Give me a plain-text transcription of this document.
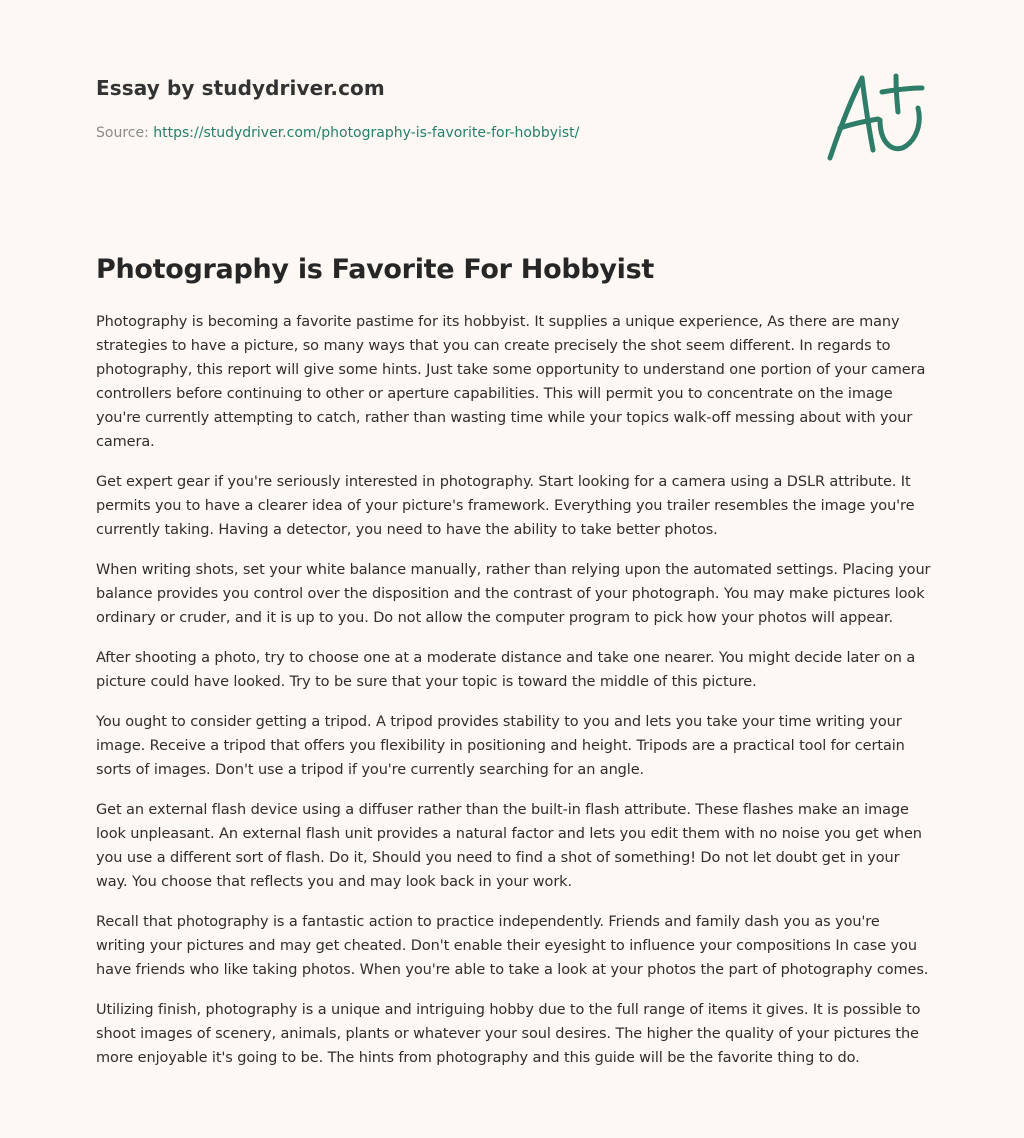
Essay by studydriver.com
Source: https://studydriver.com/photography-is-favorite-for-hobbyist/
Photography is Favorite For Hobbyist

Photography is becoming a favorite pastime for its hobbyist. It supplies a unique experience, As there are many strategies to have a picture, so many ways that you can create precisely the shot seem different. In regards to photography, this report will give some hints. Just take some opportunity to understand one portion of your camera controllers before continuing to other or aperture capabilities. This will permit you to concentrate on the image you're currently attempting to catch, rather than wasting time while your topics walk-off messing about with your camera.

Get expert gear if you're seriously interested in photography. Start looking for a camera using a DSLR attribute. It permits you to have a clearer idea of your picture's framework. Everything you trailer resembles the image you're currently taking. Having a detector, you need to have the ability to take better photos.

When writing shots, set your white balance manually, rather than relying upon the automated settings. Placing your balance provides you control over the disposition and the contrast of your photograph. You may make pictures look ordinary or cruder, and it is up to you. Do not allow the computer program to pick how your photos will appear.

After shooting a photo, try to choose one at a moderate distance and take one nearer. You might decide later on a picture could have looked. Try to be sure that your topic is toward the middle of this picture.

You ought to consider getting a tripod. A tripod provides stability to you and lets you take your time writing your image. Receive a tripod that offers you flexibility in positioning and height. Tripods are a practical tool for certain sorts of images. Don't use a tripod if you're currently searching for an angle.

Get an external flash device using a diffuser rather than the built-in flash attribute. These flashes make an image look unpleasant. An external flash unit provides a natural factor and lets you edit them with no noise you get when you use a different sort of flash. Do it, Should you need to find a shot of something! Do not let doubt get in your way. You choose that reflects you and may look back in your work.

Recall that photography is a fantastic action to practice independently. Friends and family dash you as you're writing your pictures and may get cheated. Don't enable their eyesight to influence your compositions In case you have friends who like taking photos. When you're able to take a look at your photos the part of photography comes.

Utilizing finish, photography is a unique and intriguing hobby due to the full range of items it gives. It is possible to shoot images of scenery, animals, plants or whatever your soul desires. The higher the quality of your pictures the more enjoyable it's going to be. The hints from photography and this guide will be the favorite thing to do.
